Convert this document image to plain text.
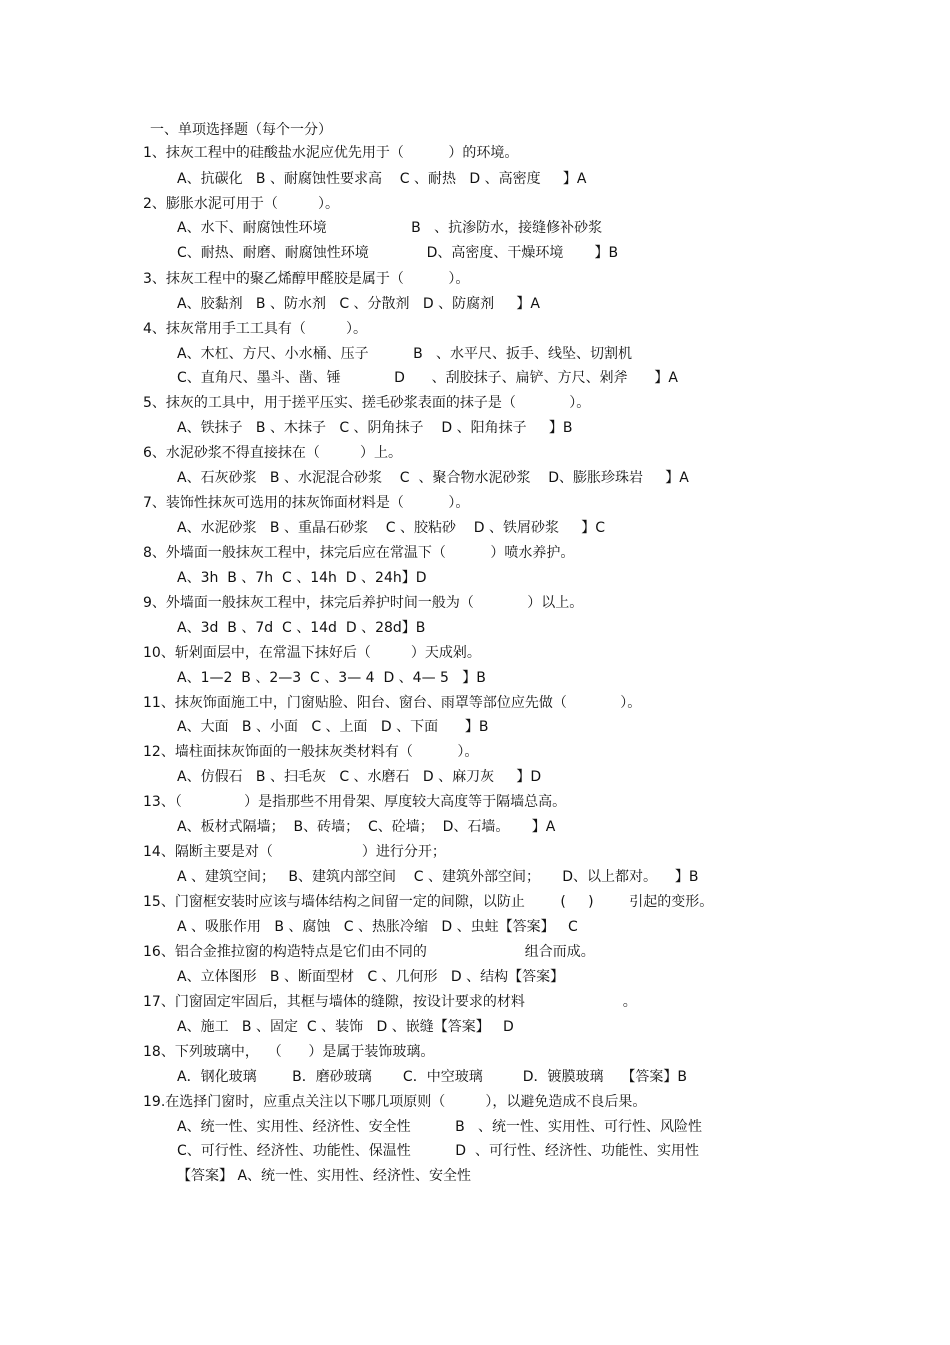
一、单项选择题（每个一分）
1、抹灰工程中的硅酸盐水泥应优先用于（          ）的环境。
A、抗碳化   B 、耐腐蚀性要求高    C 、耐热   D 、高密度     】A
2、膨胀水泥可用于（         ）。
A、水下、耐腐蚀性环境                   B   、抗渗防水，接缝修补砂浆
C、耐热、耐磨、耐腐蚀性环境             D、高密度、干燥环境       】B
3、抹灰工程中的聚乙烯醇甲醛胶是属于（          ）。
A、胶黏剂   B 、防水剂   C 、分散剂   D 、防腐剂     】A
4、抹灰常用手工工具有（         ）。
A、木杠、方尺、小水桶、压子          B   、水平尺、扳手、线坠、切割机
C、直角尺、墨斗、凿、锤            D      、刮胶抹子、扁铲、方尺、剁斧      】A
5、抹灰的工具中，用于搓平压实、搓毛砂浆表面的抹子是（            ）。
A、铁抹子   B 、木抹子   C 、阴角抹子    D 、阳角抹子     】B
6、水泥砂浆不得直接抹在（         ）上。
A、石灰砂浆   B 、水泥混合砂浆    C  、聚合物水泥砂浆    D、膨胀珍珠岩     】A
7、装饰性抹灰可选用的抹灰饰面材料是（          ）。
A、水泥砂浆   B 、重晶石砂浆    C 、胶粘砂    D 、铁屑砂浆     】C
8、外墙面一般抹灰工程中，抹完后应在常温下（          ）喷水养护。
A、3h  B 、7h  C 、14h  D 、24h】D
9、外墙面一般抹灰工程中，抹完后养护时间一般为（            ）以上。
A、3d  B 、7d  C 、14d  D 、28d】B
10、斩剁面层中，在常温下抹好后（         ）天成剁。
A、1—2  B 、2—3  C 、3— 4  D 、4— 5   】B
11、抹灰饰面施工中，门窗贴脸、阳台、窗台、雨罩等部位应先做（            ）。
A、大面   B 、小面   C 、上面   D 、下面      】B
12、墙柱面抹灰饰面的一般抹灰类材料有（          ）。
A、仿假石   B 、扫毛灰   C 、水磨石   D 、麻刀灰     】D
13、（              ）是指那些不用骨架、厚度较大高度等于隔墙总高。
A、板材式隔墙；  B、砖墙；  C、砼墙；  D、石墙。     】A
14、隔断主要是对（                    ）进行分开；
A 、建筑空间；   B、建筑内部空间    C 、建筑外部空间；     D、以上都对。    】B
15、门窗框安装时应该与墙体结构之间留一定的间隙，以防止        (     )        引起的变形。
A 、吸胀作用   B 、腐蚀   C 、热胀冷缩   D 、虫蛀【答案】   C
16、铝合金推拉窗的构造特点是它们由不同的                      组合而成。
A、立体图形   B 、断面型材   C 、几何形   D 、结构【答案】
17、门窗固定牢固后，其框与墙体的缝隙，按设计要求的材料                      。
A、施工   B 、固定  C 、装饰   D 、嵌缝【答案】   D
18、下列玻璃中，  （      ）是属于装饰玻璃。
A．钢化玻璃        B．磨砂玻璃       C．中空玻璃         D．镀膜玻璃    【答案】B
19.在选择门窗时，应重点关注以下哪几项原则（         ），以避免造成不良后果。
A、统一性、实用性、经济性、安全性          B   、统一性、实用性、可行性、风险性
C、可行性、经济性、功能性、保温性          D  、可行性、经济性、功能性、实用性
【答案】 A、统一性、实用性、经济性、安全性
